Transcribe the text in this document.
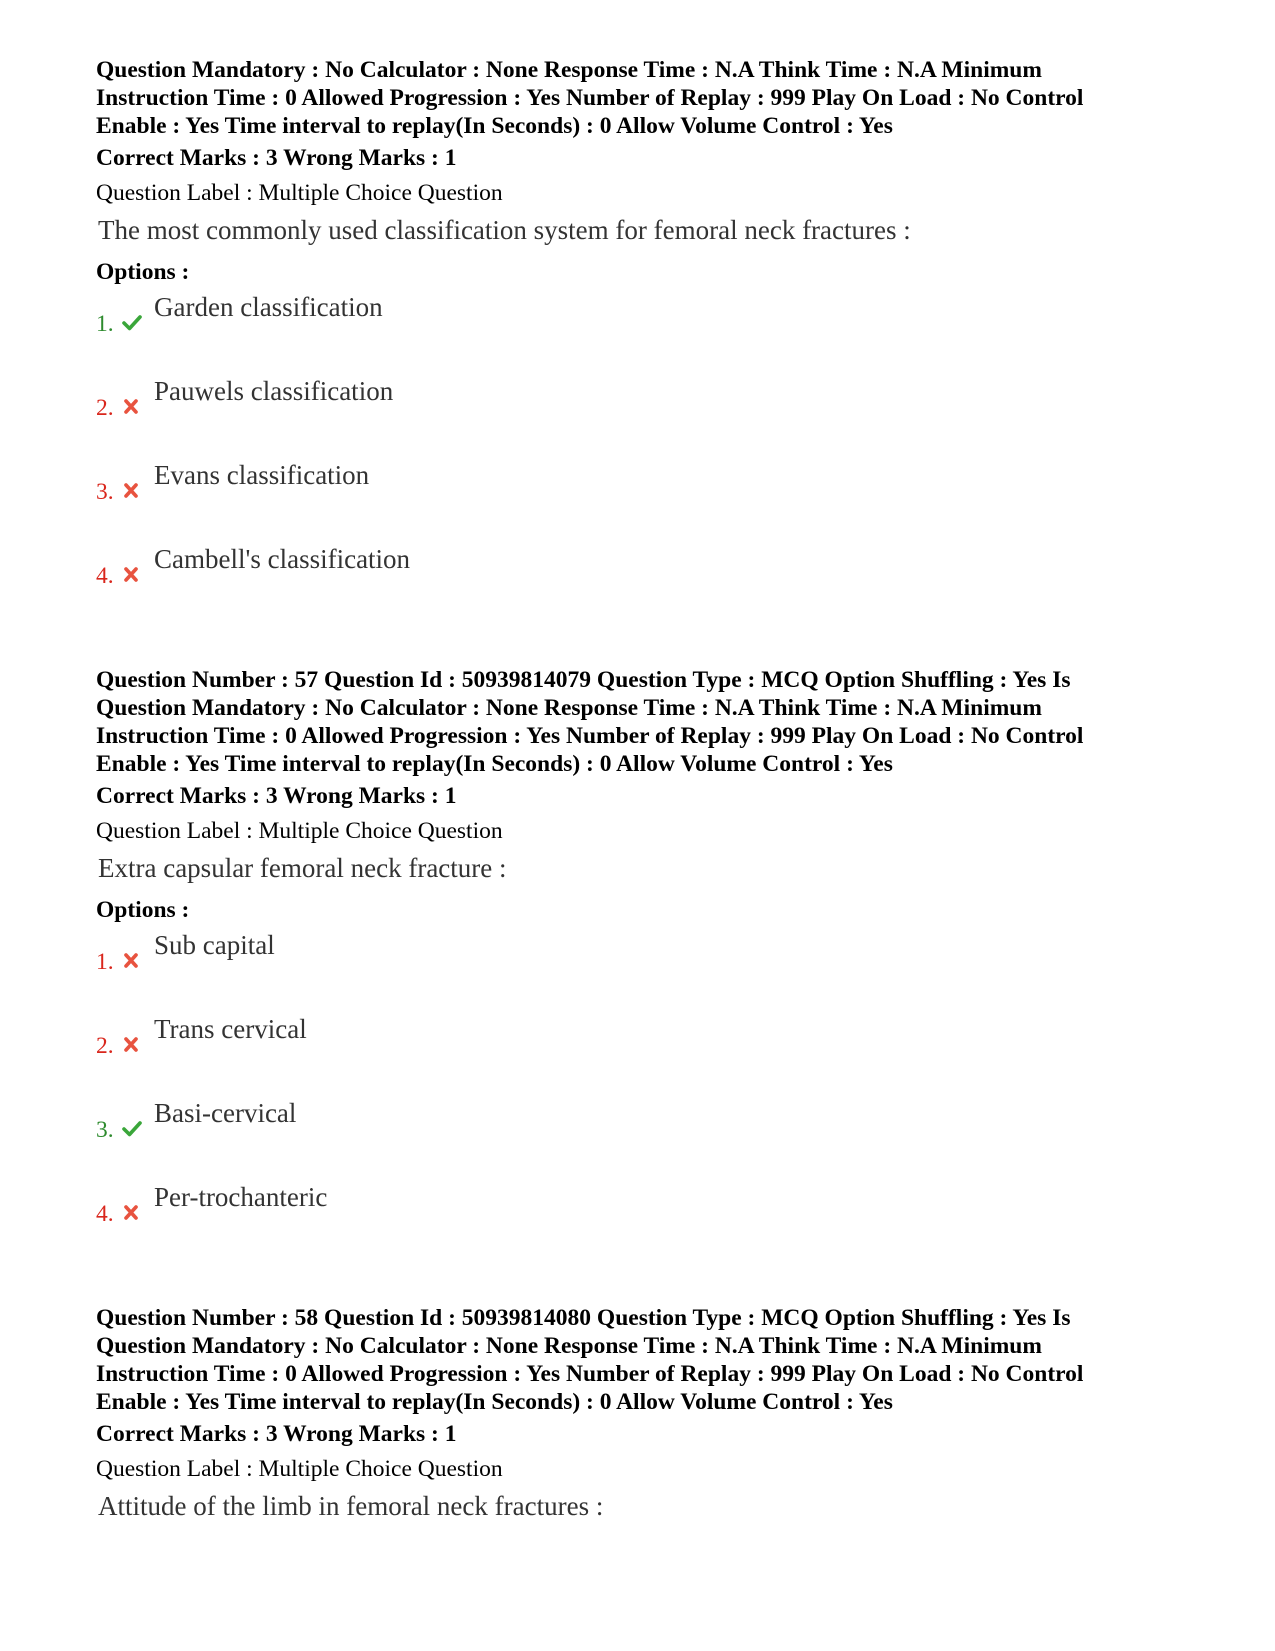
Question Mandatory : No Calculator : None Response Time : N.A Think Time : N.A Minimum
Instruction Time : 0 Allowed Progression : Yes Number of Replay : 999 Play On Load : No Control
Enable : Yes Time interval to replay(In Seconds) : 0 Allow Volume Control : Yes
Correct Marks : 3 Wrong Marks : 1
Question Label : Multiple Choice Question
The most commonly used classification system for femoral neck fractures :
Options :
1.
Garden classification
2.
Pauwels classification
3.
Evans classification
4.
Cambell's classification
Question Number : 57 Question Id : 50939814079 Question Type : MCQ Option Shuffling : Yes Is
Question Mandatory : No Calculator : None Response Time : N.A Think Time : N.A Minimum
Instruction Time : 0 Allowed Progression : Yes Number of Replay : 999 Play On Load : No Control
Enable : Yes Time interval to replay(In Seconds) : 0 Allow Volume Control : Yes
Correct Marks : 3 Wrong Marks : 1
Question Label : Multiple Choice Question
Extra capsular femoral neck fracture :
Options :
1.
Sub capital
2.
Trans cervical
3.
Basi-cervical
4.
Per-trochanteric
Question Number : 58 Question Id : 50939814080 Question Type : MCQ Option Shuffling : Yes Is
Question Mandatory : No Calculator : None Response Time : N.A Think Time : N.A Minimum
Instruction Time : 0 Allowed Progression : Yes Number of Replay : 999 Play On Load : No Control
Enable : Yes Time interval to replay(In Seconds) : 0 Allow Volume Control : Yes
Correct Marks : 3 Wrong Marks : 1
Question Label : Multiple Choice Question
Attitude of the limb in femoral neck fractures :
